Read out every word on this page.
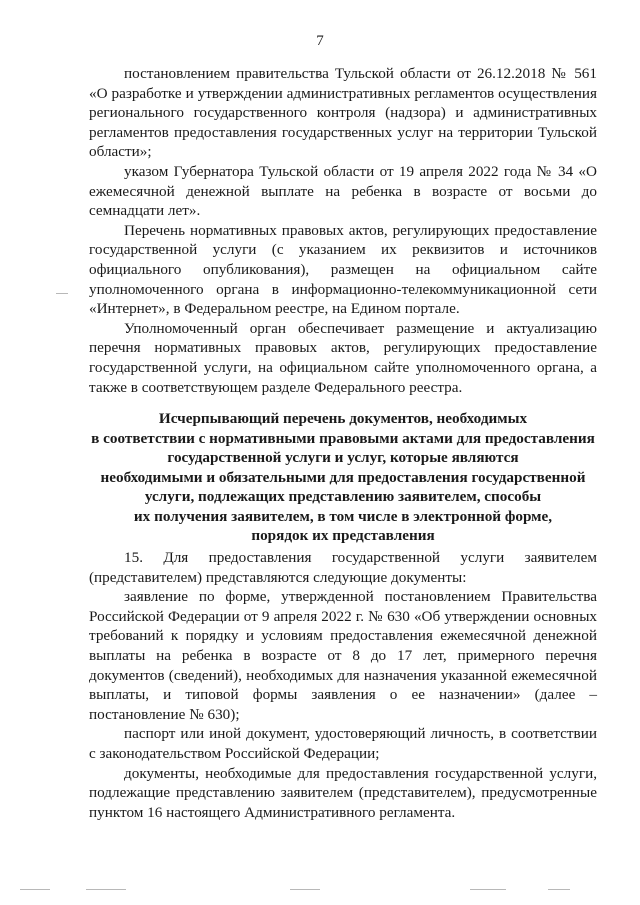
7

постановлением правительства Тульской области от 26.12.2018 № 561 «О разработке и утверждении административных регламентов осуществления регионального государственного контроля (надзора) и административных регламентов предоставления государственных услуг на территории Тульской области»;

указом Губернатора Тульской области от 19 апреля 2022 года № 34 «О ежемесячной денежной выплате на ребенка в возрасте от восьми до семнадцати лет».

Перечень нормативных правовых актов, регулирующих предоставление государственной услуги (с указанием их реквизитов и источников официального опубликования), размещен на официальном сайте уполномоченного органа в информационно-телекоммуникационной сети «Интернет», в Федеральном реестре, на Едином портале.

Уполномоченный орган обеспечивает размещение и актуализацию перечня нормативных правовых актов, регулирующих предоставление государственной услуги, на официальном сайте уполномоченного органа, а также в соответствующем разделе Федерального реестра.

Исчерпывающий перечень документов, необходимых
в соответствии с нормативными правовыми актами для предоставления
государственной услуги и услуг, которые являются
необходимыми и обязательными для предоставления государственной
услуги, подлежащих представлению заявителем, способы
их получения заявителем, в том числе в электронной форме,
порядок их представления

15. Для предоставления государственной услуги заявителем (представителем) представляются следующие документы:

заявление по форме, утвержденной постановлением Правительства Российской Федерации от 9 апреля 2022 г. № 630 «Об утверждении основных требований к порядку и условиям предоставления ежемесячной денежной выплаты на ребенка в возрасте от 8 до 17 лет, примерного перечня документов (сведений), необходимых для назначения указанной ежемесячной выплаты, и типовой формы заявления о ее назначении» (далее – постановление № 630);

паспорт или иной документ, удостоверяющий личность, в соответствии с законодательством Российской Федерации;

документы, необходимые для предоставления государственной услуги, подлежащие представлению заявителем (представителем), предусмотренные пунктом 16 настоящего Административного регламента.
